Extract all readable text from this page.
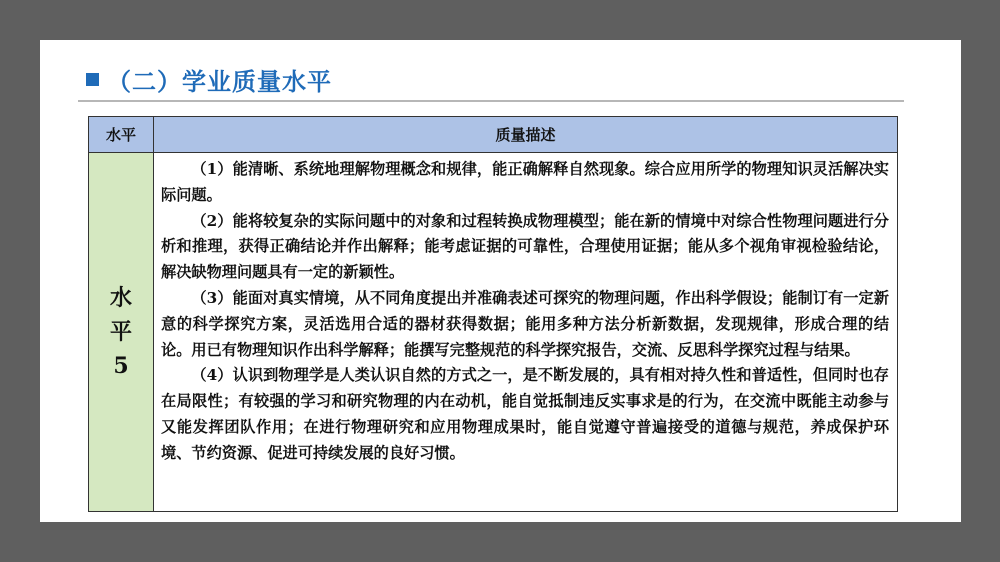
（二）学业质量水平
水平	质量描述
水
平
5

（1）能清晰、系统地理解物理概念和规律，能正确解释自然现象。综合应用所学的物理知识灵活解决实际问题。

（2）能将较复杂的实际问题中的对象和过程转换成物理模型；能在新的情境中对综合性物理问题进行分析和推理，获得正确结论并作出解释；能考虑证据的可靠性，合理使用证据；能从多个视角审视检验结论，解决缺物理问题具有一定的新颖性。

（3）能面对真实情境，从不同角度提出并准确表述可探究的物理问题，作出科学假设；能制订有一定新意的科学探究方案，灵活选用合适的器材获得数据；能用多种方法分析新数据，发现规律，形成合理的结论。用已有物理知识作出科学解释；能撰写完整规范的科学探究报告，交流、反思科学探究过程与结果。

（4）认识到物理学是人类认识自然的方式之一，是不断发展的，具有相对持久性和普适性，但同时也存在局限性；有较强的学习和研究物理的内在动机，能自觉抵制违反实事求是的行为，在交流中既能主动参与又能发挥团队作用；在进行物理研究和应用物理成果时，能自觉遵守普遍接受的道德与规范，养成保护环境、节约资源、促进可持续发展的良好习惯。
